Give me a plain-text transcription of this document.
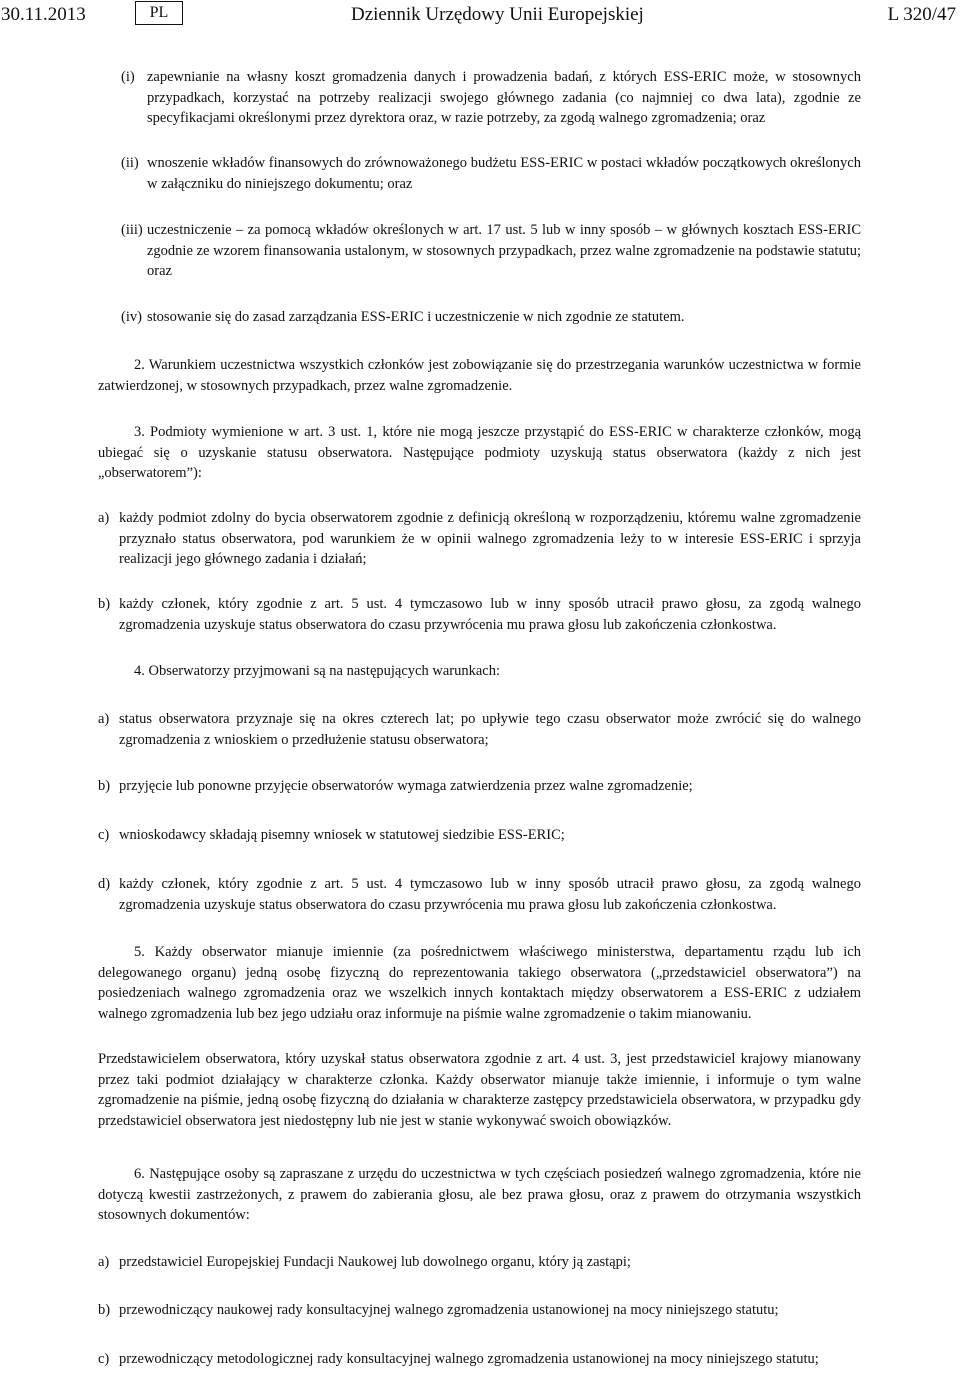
30.11.2013	PL	Dziennik Urzędowy Unii Europejskiej	L 320/47
(i) zapewnianie na własny koszt gromadzenia danych i prowadzenia badań, z których ESS-ERIC może, w stosownych przypadkach, korzystać na potrzeby realizacji swojego głównego zadania (co najmniej co dwa lata), zgodnie ze specyfikacjami określonymi przez dyrektora oraz, w razie potrzeby, za zgodą walnego zgromadzenia; oraz
(ii) wnoszenie wkładów finansowych do zrównoważonego budżetu ESS-ERIC w postaci wkładów początkowych określonych w załączniku do niniejszego dokumentu; oraz
(iii) uczestniczenie – za pomocą wkładów określonych w art. 17 ust. 5 lub w inny sposób – w głównych kosztach ESS-ERIC zgodnie ze wzorem finansowania ustalonym, w stosownych przypadkach, przez walne zgromadzenie na podstawie statutu; oraz
(iv) stosowanie się do zasad zarządzania ESS-ERIC i uczestniczenie w nich zgodnie ze statutem.
2. Warunkiem uczestnictwa wszystkich członków jest zobowiązanie się do przestrzegania warunków uczestnictwa w formie zatwierdzonej, w stosownych przypadkach, przez walne zgromadzenie.
3. Podmioty wymienione w art. 3 ust. 1, które nie mogą jeszcze przystąpić do ESS-ERIC w charakterze członków, mogą ubiegać się o uzyskanie statusu obserwatora. Następujące podmioty uzyskują status obserwatora (każdy z nich jest „obserwatorem”):
a) każdy podmiot zdolny do bycia obserwatorem zgodnie z definicją określoną w rozporządzeniu, któremu walne zgromadzenie przyznało status obserwatora, pod warunkiem że w opinii walnego zgromadzenia leży to w interesie ESS-ERIC i sprzyja realizacji jego głównego zadania i działań;
b) każdy członek, który zgodnie z art. 5 ust. 4 tymczasowo lub w inny sposób utracił prawo głosu, za zgodą walnego zgromadzenia uzyskuje status obserwatora do czasu przywrócenia mu prawa głosu lub zakończenia członkostwa.
4. Obserwatorzy przyjmowani są na następujących warunkach:
a) status obserwatora przyznaje się na okres czterech lat; po upływie tego czasu obserwator może zwrócić się do walnego zgromadzenia z wnioskiem o przedłużenie statusu obserwatora;
b) przyjęcie lub ponowne przyjęcie obserwatorów wymaga zatwierdzenia przez walne zgromadzenie;
c) wnioskodawcy składają pisemny wniosek w statutowej siedzibie ESS-ERIC;
d) każdy członek, który zgodnie z art. 5 ust. 4 tymczasowo lub w inny sposób utracił prawo głosu, za zgodą walnego zgromadzenia uzyskuje status obserwatora do czasu przywrócenia mu prawa głosu lub zakończenia członkostwa.
5. Każdy obserwator mianuje imiennie (za pośrednictwem właściwego ministerstwa, departamentu rządu lub ich delegowanego organu) jedną osobę fizyczną do reprezentowania takiego obserwatora („przedstawiciel obserwatora”) na posiedzeniach walnego zgromadzenia oraz we wszelkich innych kontaktach między obserwatorem a ESS-ERIC z udziałem walnego zgromadzenia lub bez jego udziału oraz informuje na piśmie walne zgromadzenie o takim mianowaniu.
Przedstawicielem obserwatora, który uzyskał status obserwatora zgodnie z art. 4 ust. 3, jest przedstawiciel krajowy mianowany przez taki podmiot działający w charakterze członka. Każdy obserwator mianuje także imiennie, i informuje o tym walne zgromadzenie na piśmie, jedną osobę fizyczną do działania w charakterze zastępcy przedstawiciela obserwatora, w przypadku gdy przedstawiciel obserwatora jest niedostępny lub nie jest w stanie wykonywać swoich obowiązków.
6. Następujące osoby są zapraszane z urzędu do uczestnictwa w tych częściach posiedzeń walnego zgromadzenia, które nie dotyczą kwestii zastrzeżonych, z prawem do zabierania głosu, ale bez prawa głosu, oraz z prawem do otrzymania wszystkich stosownych dokumentów:
a) przedstawiciel Europejskiej Fundacji Naukowej lub dowolnego organu, który ją zastąpi;
b) przewodniczący naukowej rady konsultacyjnej walnego zgromadzenia ustanowionej na mocy niniejszego statutu;
c) przewodniczący metodologicznej rady konsultacyjnej walnego zgromadzenia ustanowionej na mocy niniejszego statutu;
